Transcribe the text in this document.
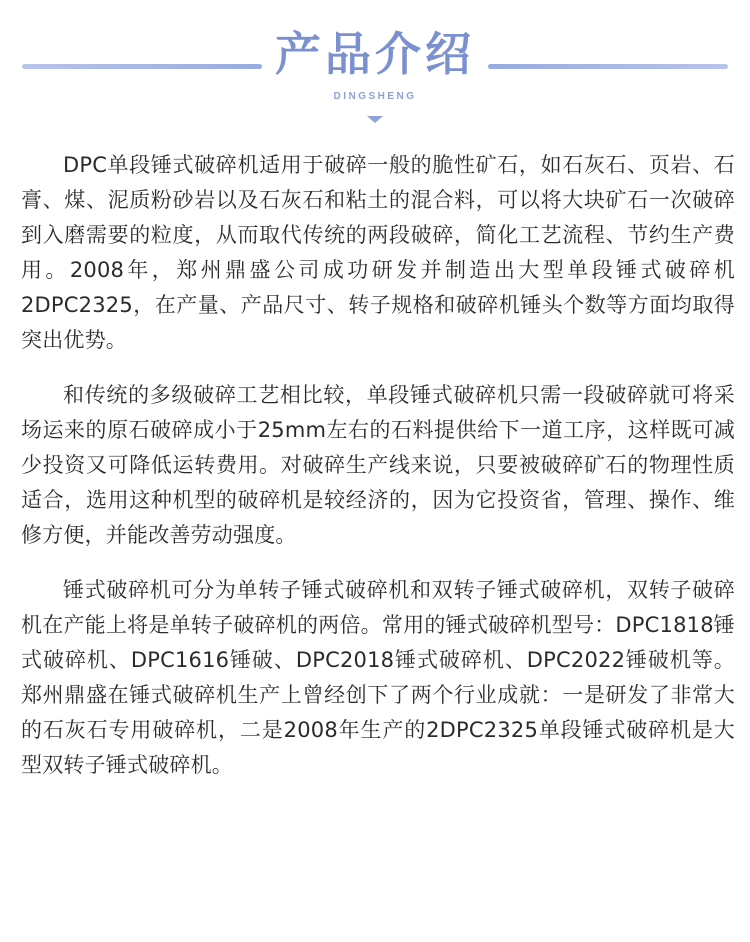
产品介绍
DINGSHENG

DPC单段锤式破碎机适用于破碎一般的脆性矿石，如石灰石、页岩、石膏、煤、泥质粉砂岩以及石灰石和粘土的混合料，可以将大块矿石一次破碎到入磨需要的粒度，从而取代传统的两段破碎，简化工艺流程、节约生产费用。2008年，郑州鼎盛公司成功研发并制造出大型单段锤式破碎机2DPC2325，在产量、产品尺寸、转子规格和破碎机锤头个数等方面均取得突出优势。

和传统的多级破碎工艺相比较，单段锤式破碎机只需一段破碎就可将采场运来的原石破碎成小于25mm左右的石料提供给下一道工序，这样既可减少投资又可降低运转费用。对破碎生产线来说，只要被破碎矿石的物理性质适合，选用这种机型的破碎机是较经济的，因为它投资省，管理、操作、维修方便，并能改善劳动强度。

锤式破碎机可分为单转子锤式破碎机和双转子锤式破碎机，双转子破碎机在产能上将是单转子破碎机的两倍。常用的锤式破碎机型号：DPC1818锤式破碎机、DPC1616锤破、DPC2018锤式破碎机、DPC2022锤破机等。郑州鼎盛在锤式破碎机生产上曾经创下了两个行业成就：一是研发了非常大的石灰石专用破碎机，二是2008年生产的2DPC2325单段锤式破碎机是大型双转子锤式破碎机。
